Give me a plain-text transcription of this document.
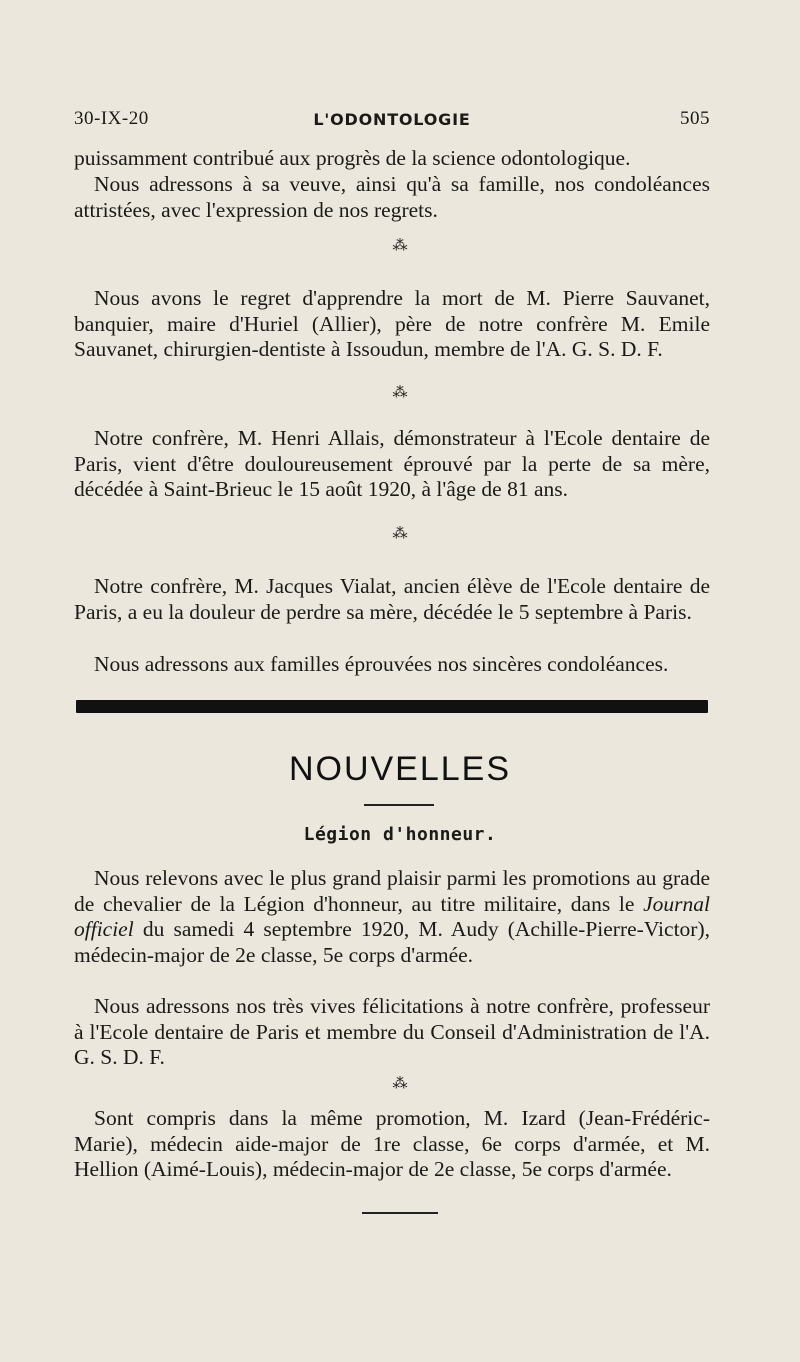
30-IX-20	L'ODONTOLOGIE	505

puissamment contribué aux progrès de la science odontologique.

Nous adressons à sa veuve, ainsi qu'à sa famille, nos condoléances attristées, avec l'expression de nos regrets.

⁂

Nous avons le regret d'apprendre la mort de M. Pierre Sauvanet, banquier, maire d'Huriel (Allier), père de notre confrère M. Emile Sauvanet, chirurgien-dentiste à Issoudun, membre de l'A. G. S. D. F.

⁂

Notre confrère, M. Henri Allais, démonstrateur à l'Ecole dentaire de Paris, vient d'être douloureusement éprouvé par la perte de sa mère, décédée à Saint-Brieuc le 15 août 1920, à l'âge de 81 ans.

⁂

Notre confrère, M. Jacques Vialat, ancien élève de l'Ecole dentaire de Paris, a eu la douleur de perdre sa mère, décédée le 5 septembre à Paris.

Nous adressons aux familles éprouvées nos sincères condoléances.

NOUVELLES
Légion d'honneur.

Nous relevons avec le plus grand plaisir parmi les promotions au grade de chevalier de la Légion d'honneur, au titre militaire, dans le Journal officiel du samedi 4 septembre 1920, M. Audy (Achille-Pierre-Victor), médecin-major de 2e classe, 5e corps d'armée.

Nous adressons nos très vives félicitations à notre confrère, professeur à l'Ecole dentaire de Paris et membre du Conseil d'Administration de l'A. G. S. D. F.

⁂

Sont compris dans la même promotion, M. Izard (Jean-Frédéric-Marie), médecin aide-major de 1re classe, 6e corps d'armée, et M. Hellion (Aimé-Louis), médecin-major de 2e classe, 5e corps d'armée.
